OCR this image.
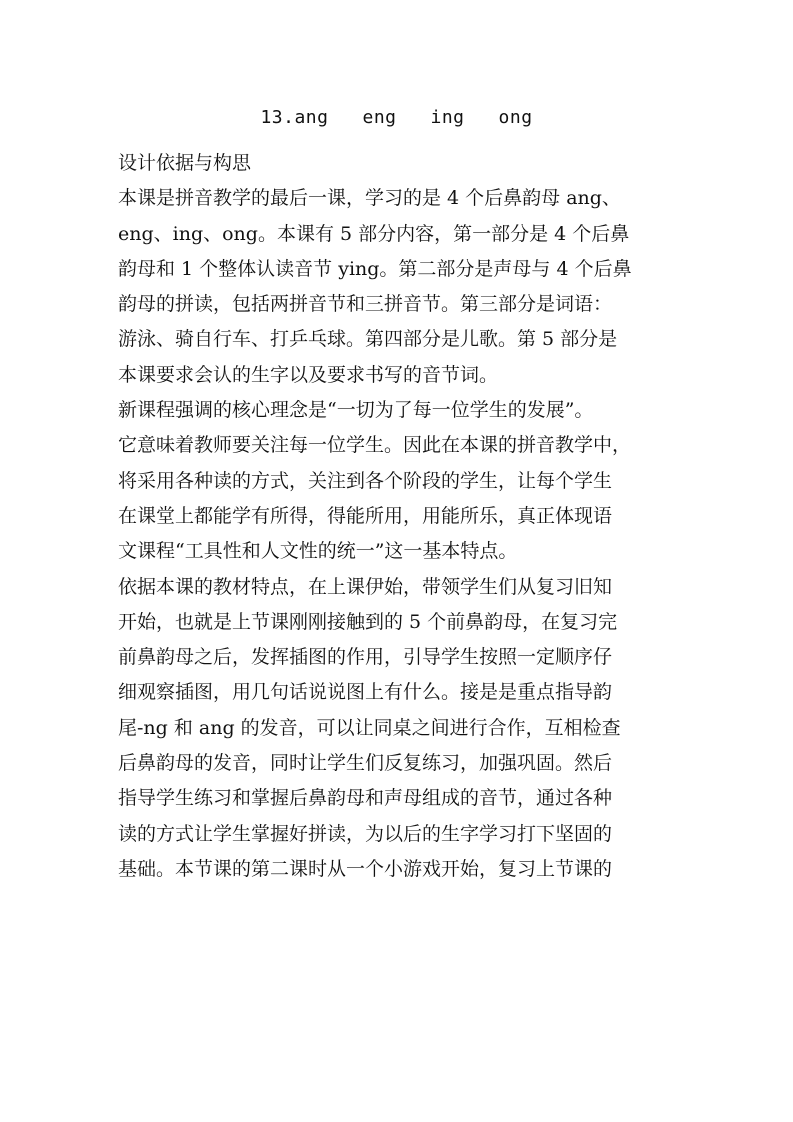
13.ang   eng   ing   ong
设计依据与构思
本课是拼音教学的最后一课，学习的是 4 个后鼻韵母 ang、
eng、ing、ong。本课有 5 部分内容，第一部分是 4 个后鼻
韵母和 1 个整体认读音节 ying。第二部分是声母与 4 个后鼻
韵母的拼读，包括两拼音节和三拼音节。第三部分是词语：
游泳、骑自行车、打乒乓球。第四部分是儿歌。第 5 部分是
本课要求会认的生字以及要求书写的音节词。
新课程强调的核心理念是“一切为了每一位学生的发展”。
它意味着教师要关注每一位学生。因此在本课的拼音教学中，
将采用各种读的方式，关注到各个阶段的学生，让每个学生
在课堂上都能学有所得，得能所用，用能所乐，真正体现语
文课程“工具性和人文性的统一”这一基本特点。
依据本课的教材特点，在上课伊始，带领学生们从复习旧知
开始，也就是上节课刚刚接触到的 5 个前鼻韵母，在复习完
前鼻韵母之后，发挥插图的作用，引导学生按照一定顺序仔
细观察插图，用几句话说说图上有什么。接是是重点指导韵
尾-ng 和 ang 的发音，可以让同桌之间进行合作，互相检查
后鼻韵母的发音，同时让学生们反复练习，加强巩固。然后
指导学生练习和掌握后鼻韵母和声母组成的音节，通过各种
读的方式让学生掌握好拼读，为以后的生字学习打下坚固的
基础。本节课的第二课时从一个小游戏开始，复习上节课的
